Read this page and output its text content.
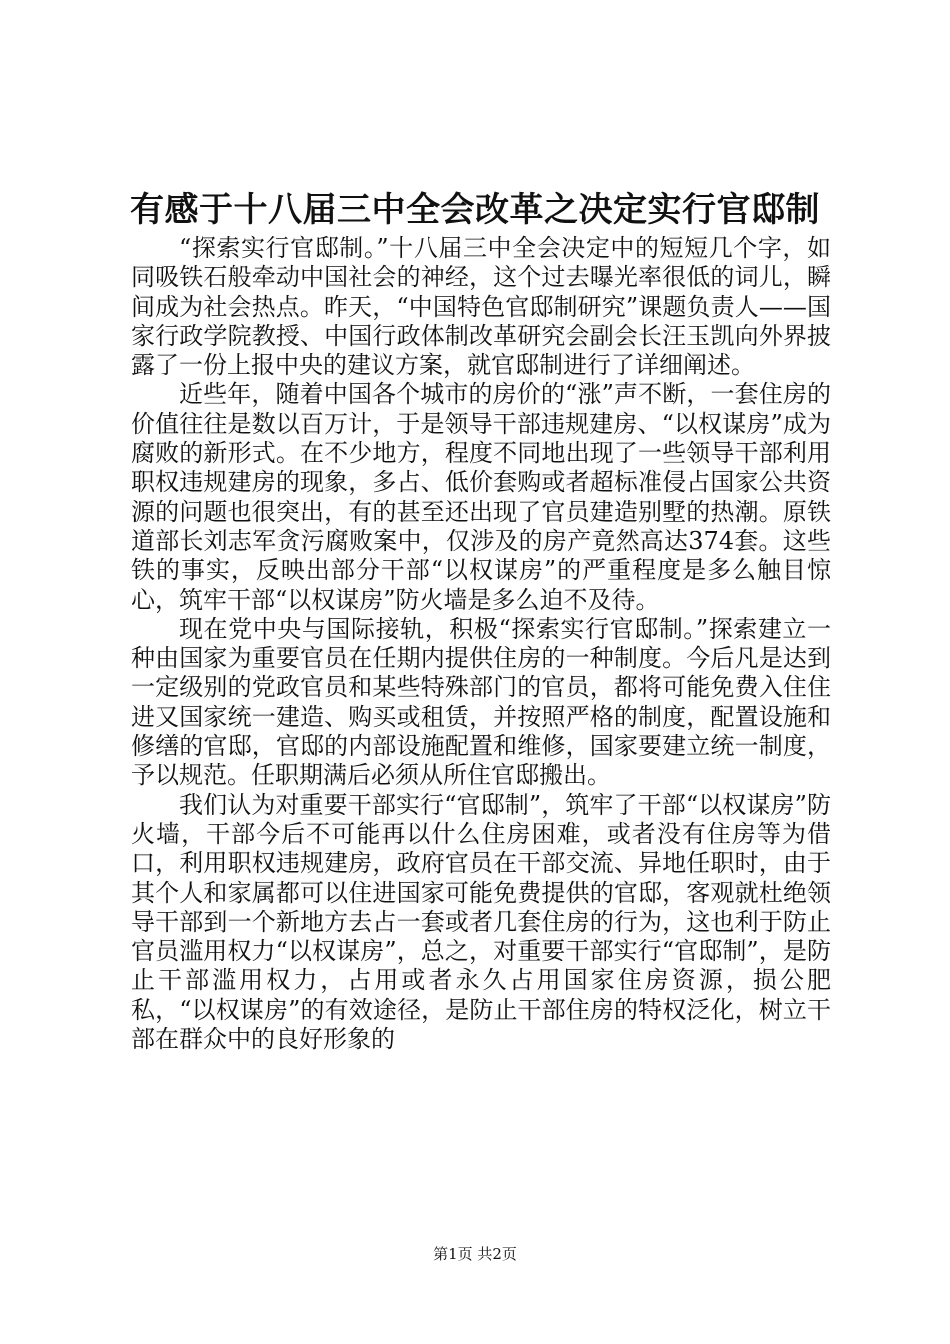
有感于十八届三中全会改革之决定实行官邸制

“探索实行官邸制。”十八届三中全会决定中的短短几个字，如同吸铁石般牵动中国社会的神经，这个过去曝光率很低的词儿，瞬间成为社会热点。昨天，“中国特色官邸制研究”课题负责人——国家行政学院教授、中国行政体制改革研究会副会长汪玉凯向外界披露了一份上报中央的建议方案，就官邸制进行了详细阐述。

近些年，随着中国各个城市的房价的“涨”声不断，一套住房的价值往往是数以百万计，于是领导干部违规建房、“以权谋房”成为腐败的新形式。在不少地方，程度不同地出现了一些领导干部利用职权违规建房的现象，多占、低价套购或者超标准侵占国家公共资源的问题也很突出，有的甚至还出现了官员建造别墅的热潮。原铁道部长刘志军贪污腐败案中，仅涉及的房产竟然高达374套。这些铁的事实，反映出部分干部“以权谋房”的严重程度是多么触目惊心，筑牢干部“以权谋房”防火墙是多么迫不及待。

现在党中央与国际接轨，积极“探索实行官邸制。”探索建立一种由国家为重要官员在任期内提供住房的一种制度。今后凡是达到一定级别的党政官员和某些特殊部门的官员，都将可能免费入住住进又国家统一建造、购买或租赁，并按照严格的制度，配置设施和修缮的官邸，官邸的内部设施配置和维修，国家要建立统一制度，予以规范。任职期满后必须从所住官邸搬出。

我们认为对重要干部实行“官邸制”，筑牢了干部“以权谋房”防火墙，干部今后不可能再以什么住房困难，或者没有住房等为借口，利用职权违规建房，政府官员在干部交流、异地任职时，由于其个人和家属都可以住进国家可能免费提供的官邸，客观就杜绝领导干部到一个新地方去占一套或者几套住房的行为，这也利于防止官员滥用权力“以权谋房”，总之，对重要干部实行“官邸制”，是防止干部滥用权力，占用或者永久占用国家住房资源，损公肥私，“以权谋房”的有效途径，是防止干部住房的特权泛化，树立干部在群众中的良好形象的

第1页 共2页
